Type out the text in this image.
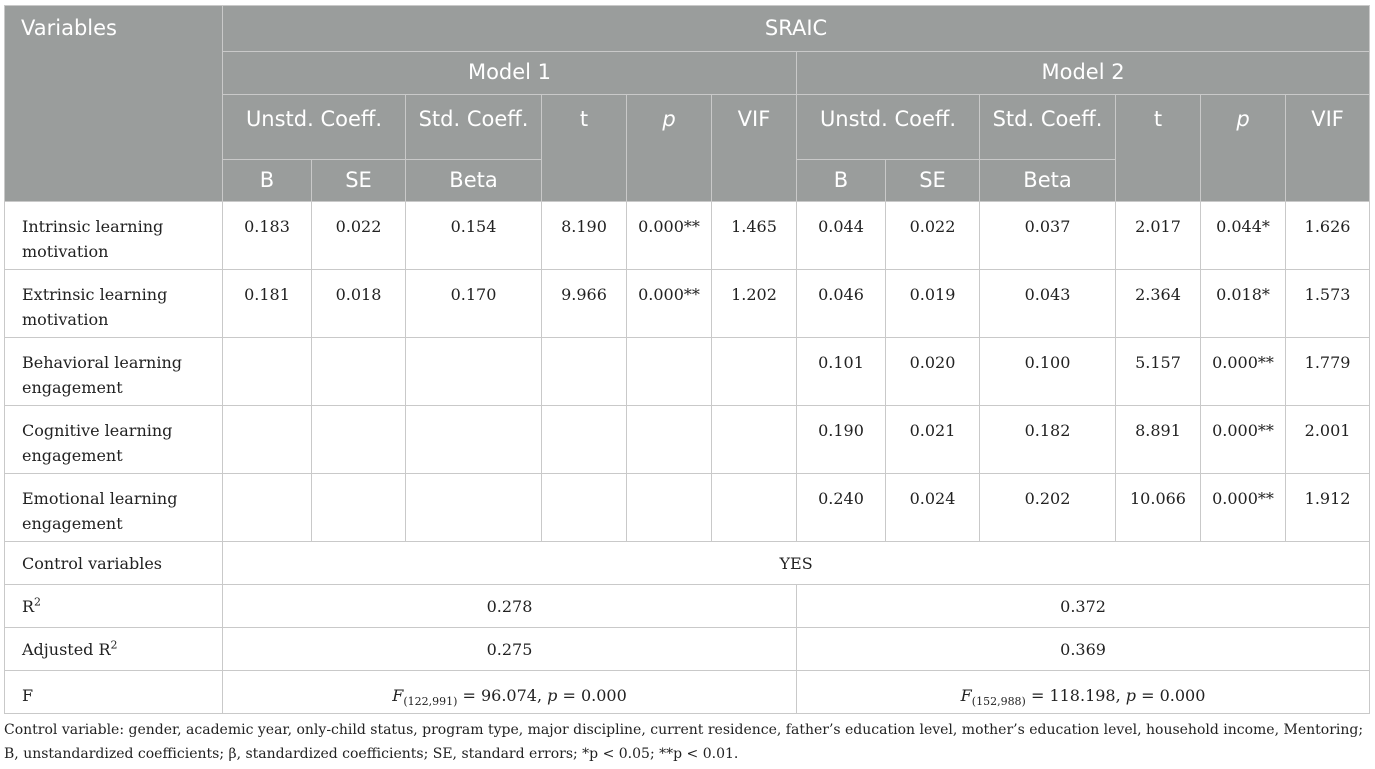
Variables	SRAIC											
	Model 1						Model 2					
	Unstd. Coeff.		Std. Coeff.	t	p	VIF	Unstd. Coeff.		Std. Coeff.	t	p	VIF
	B	SE	Beta				B	SE	Beta			
Intrinsic learning motivation	0.183	0.022	0.154	8.190	0.000**	1.465	0.044	0.022	0.037	2.017	0.044*	1.626
Extrinsic learning motivation	0.181	0.018	0.170	9.966	0.000**	1.202	0.046	0.019	0.043	2.364	0.018*	1.573
Behavioral learning engagement							0.101	0.020	0.100	5.157	0.000**	1.779
Cognitive learning engagement							0.190	0.021	0.182	8.891	0.000**	2.001
Emotional learning engagement							0.240	0.024	0.202	10.066	0.000**	1.912
Control variables	YES											
$R^2$	0.278						0.372					
Adjusted $R^2$	0.275						0.369					
F	$F_{(122,991)} = 96.074$, p = 0.000						$F_{(152,988)} = 118.198$, p = 0.000					
Control variable: gender, academic year, only-child status, program type, major discipline, current residence, father’s education level, mother’s education level, household income, Mentoring; B, unstandardized coefficients; β, standardized coefficients; SE, standard errors; *p < 0.05; **p < 0.01.
